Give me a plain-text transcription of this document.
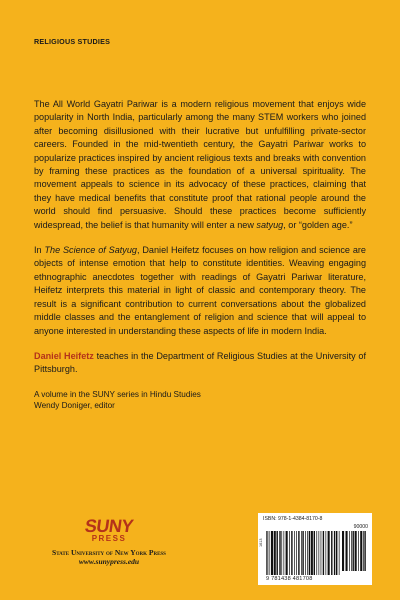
RELIGIOUS STUDIES

The All World Gayatri Pariwar is a modern religious movement that enjoys wide popularity in North India, particularly among the many STEM workers who joined after becoming disillusioned with their lucrative but unfulfilling private-sector careers. Founded in the mid-twentieth century, the Gayatri Pariwar works to popularize practices inspired by ancient religious texts and breaks with convention by framing these practices as the foundation of a universal spirituality. The movement appeals to science in its advocacy of these practices, claiming that they have medical benefits that constitute proof that rational people around the world should find persuasive. Should these practices become sufficiently widespread, the belief is that humanity will enter a new satyug, or “golden age.”

In The Science of Satyug, Daniel Heifetz focuses on how religion and science are objects of intense emotion that help to constitute identities. Weaving engaging ethnographic anecdotes together with readings of Gayatri Pariwar literature, Heifetz interprets this material in light of classic and contemporary theory. The result is a significant contribution to current conversations about the globalized middle classes and the entanglement of religion and science that will appeal to anyone interested in understanding these aspects of life in modern India.

Daniel Heifetz teaches in the Department of Religious Studies at the University of Pittsburgh.

A volume in the SUNY series in Hindu Studies
Wendy Doniger, editor
SUNY
PRESS
State University of New York Press
www.sunypress.edu
ISBN: 978-1-4384-8170-8
90000
1613
9 781438 481708
